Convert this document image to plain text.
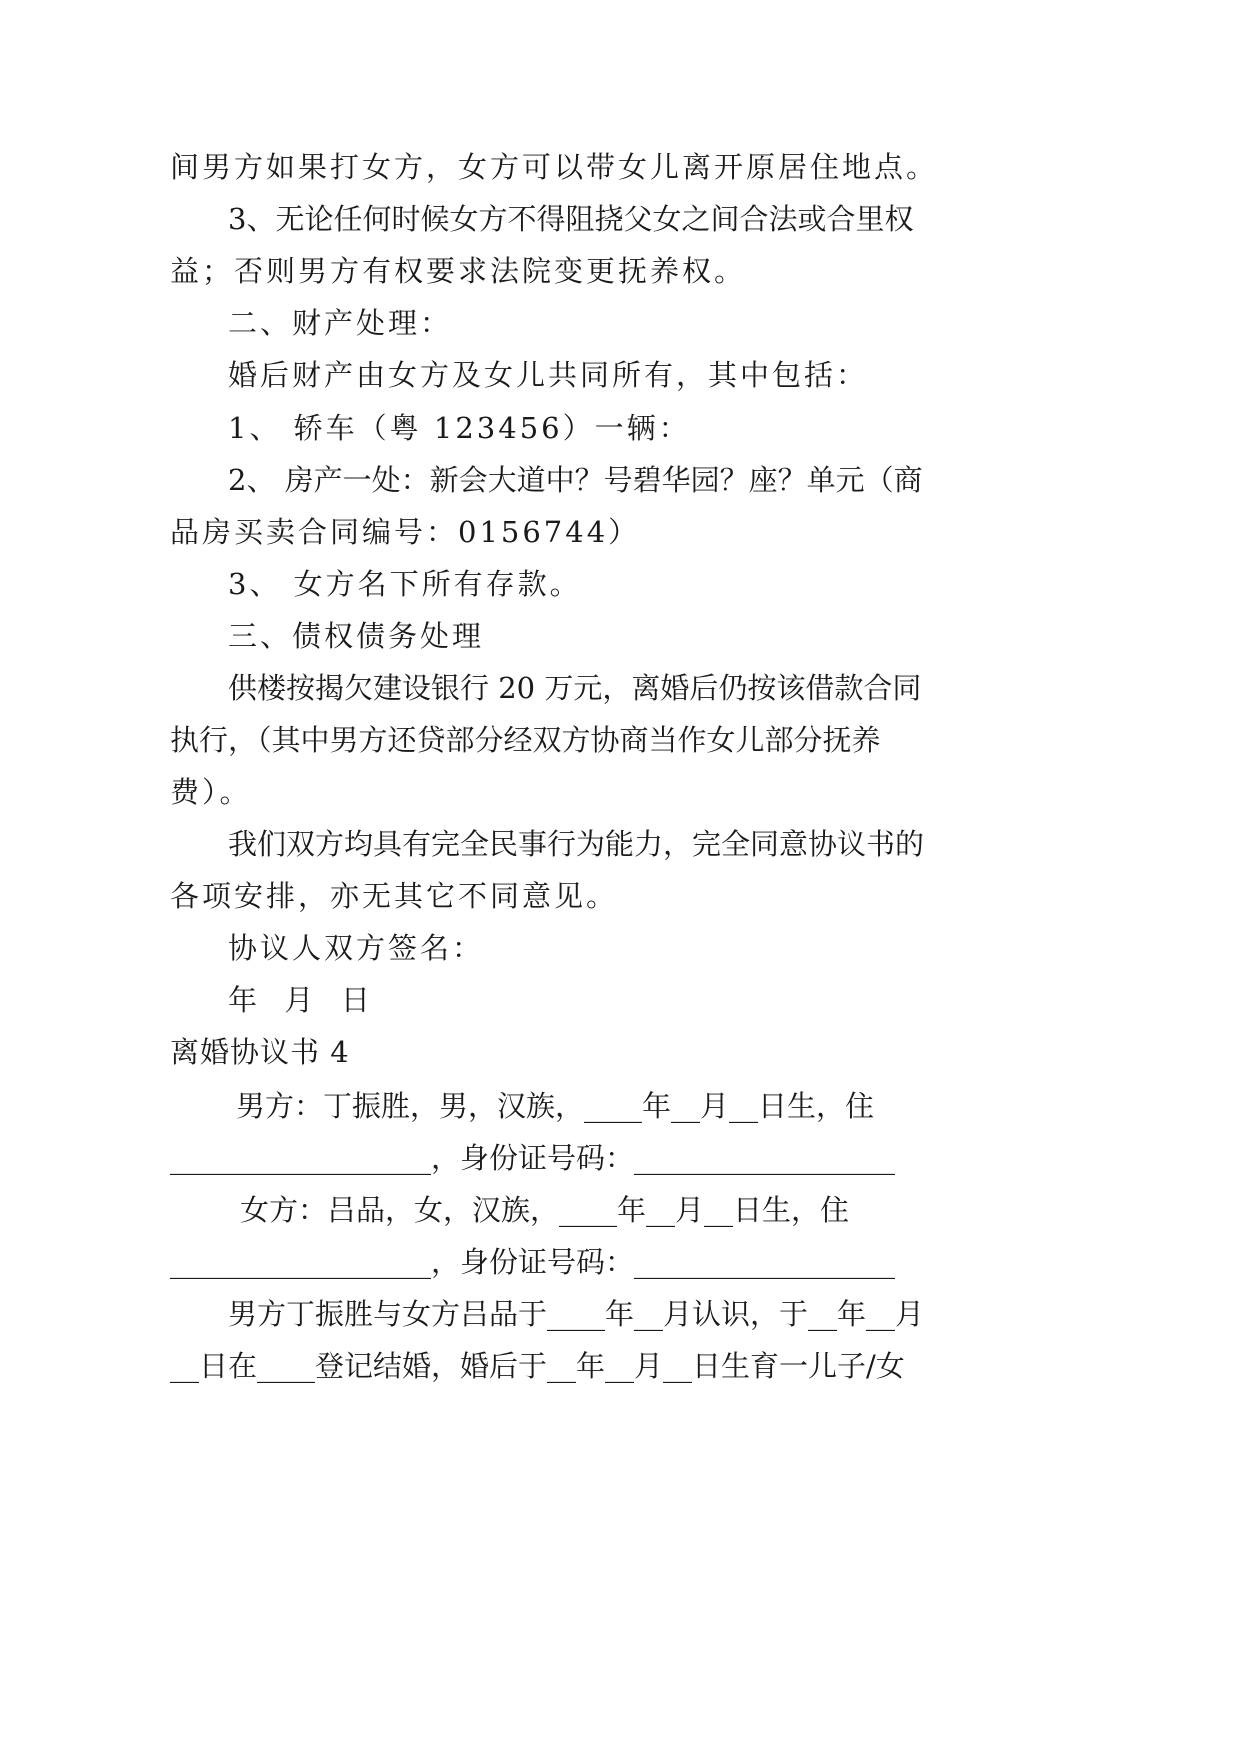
间男方如果打女方，女方可以带女儿离开原居住地点。
3、无论任何时候女方不得阻挠父女之间合法或合里权
益；否则男方有权要求法院变更抚养权。
二、财产处理：
婚后财产由女方及女儿共同所有，其中包括：
1、 轿车（粤 123456）一辆：
2、 房产一处：新会大道中？号碧华园？座？单元（商
品房买卖合同编号：0156744）
3、 女方名下所有存款。
三、债权债务处理
供楼按揭欠建设银行 20 万元，离婚后仍按该借款合同
执行，（其中男方还贷部分经双方协商当作女儿部分抚养
费）。
我们双方均具有完全民事行为能力，完全同意协议书的
各项安排，亦无其它不同意见。
协议人双方签名：
年  月  日
离婚协议书 4
男方：丁振胜，男，汉族，____年__月__日生，住
__________________，身份证号码：__________________
女方：吕品，女，汉族，____年__月__日生，住
__________________，身份证号码：__________________
男方丁振胜与女方吕品于____年__月认识，于__年__月
__日在____登记结婚，婚后于__年__月__日生育一儿子/女
